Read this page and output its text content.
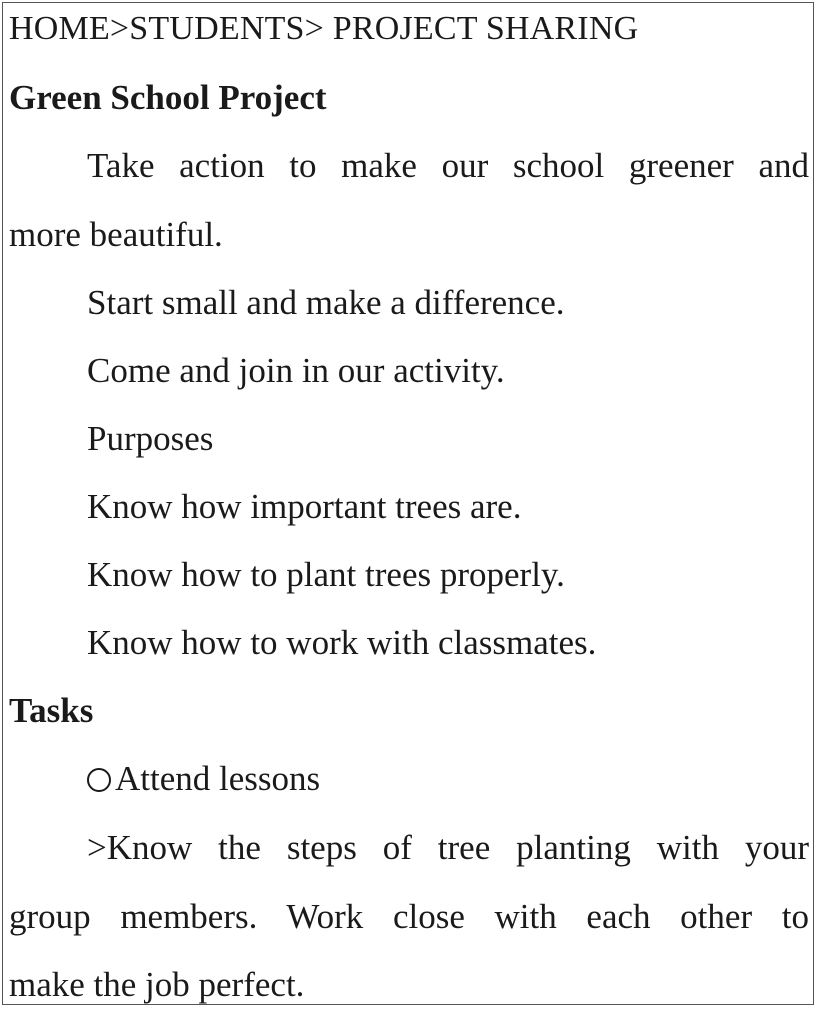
HOME>STUDENTS> PROJECT SHARING
Green School Project
Take action to make our school greener and
more beautiful.
Start small and make a difference.
Come and join in our activity.
Purposes
Know how important trees are.
Know how to plant trees properly.
Know how to work with classmates.
Tasks
Attend lessons
>Know the steps of tree planting with your
group members. Work close with each other to
make the job perfect.
